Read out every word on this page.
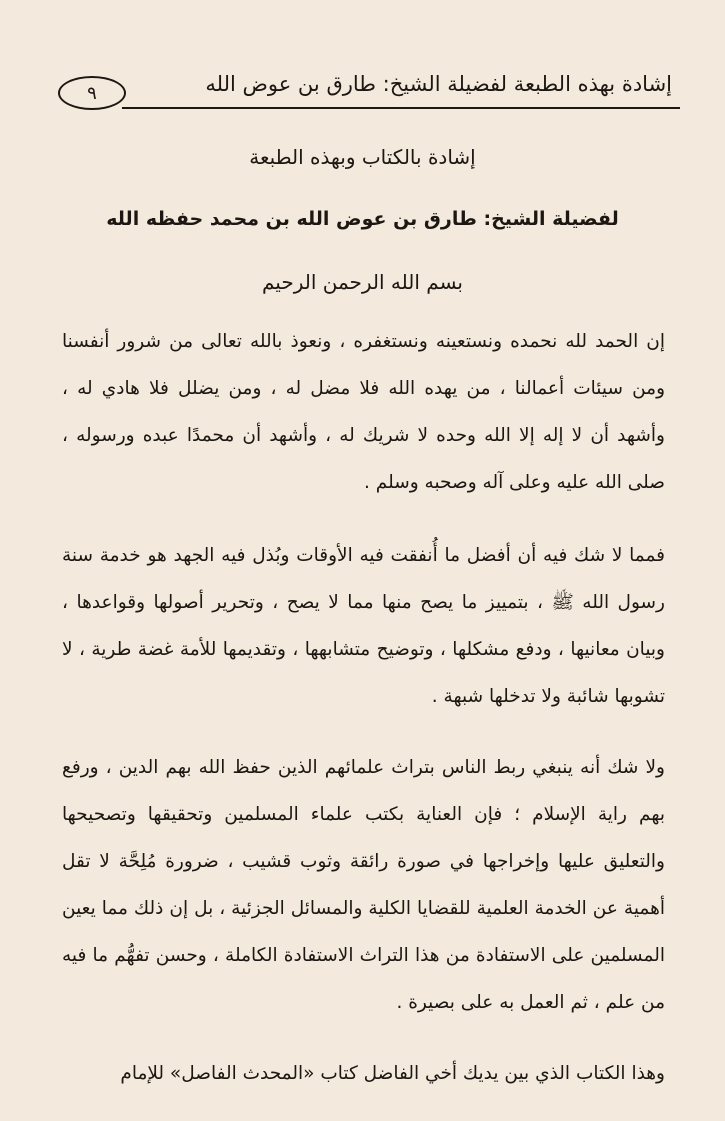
٩	إشادة بهذه الطبعة لفضيلة الشيخ: طارق بن عوض الله
إشادة بالكتاب وبهذه الطبعة
لفضيلة الشيخ: طارق بن عوض الله بن محمد حفظه الله
بسم الله الرحمن الرحيم

إن الحمد لله نحمده ونستعينه ونستغفره ، ونعوذ بالله تعالى من شرور أنفسنا ومن سيئات أعمالنا ، من يهده الله فلا مضل له ، ومن يضلل فلا هادي له ، وأشهد أن لا إله إلا الله وحده لا شريك له ، وأشهد أن محمدًا عبده ورسوله ، صلى الله عليه وعلى آله وصحبه وسلم .

فمما لا شك فيه أن أفضل ما أُنفقت فيه الأوقات وبُذل فيه الجهد هو خدمة سنة رسول الله ﷺ ، بتمييز ما يصح منها مما لا يصح ، وتحرير أصولها وقواعدها ، وبيان معانيها ، ودفع مشكلها ، وتوضيح متشابهها ، وتقديمها للأمة غضة طرية ، لا تشوبها شائبة ولا تدخلها شبهة .

ولا شك أنه ينبغي ربط الناس بتراث علمائهم الذين حفظ الله بهم الدين ، ورفع بهم راية الإسلام ؛ فإن العناية بكتب علماء المسلمين وتحقيقها وتصحيحها والتعليق عليها وإخراجها في صورة رائقة وثوب قشيب ، ضرورة مُلِحَّة لا تقل أهمية عن الخدمة العلمية للقضايا الكلية والمسائل الجزئية ، بل إن ذلك مما يعين المسلمين على الاستفادة من هذا التراث الاستفادة الكاملة ، وحسن تفهُّم ما فيه من علم ، ثم العمل به على بصيرة .

وهذا الكتاب الذي بين يديك أخي الفاضل كتاب «المحدث الفاصل» للإمام
